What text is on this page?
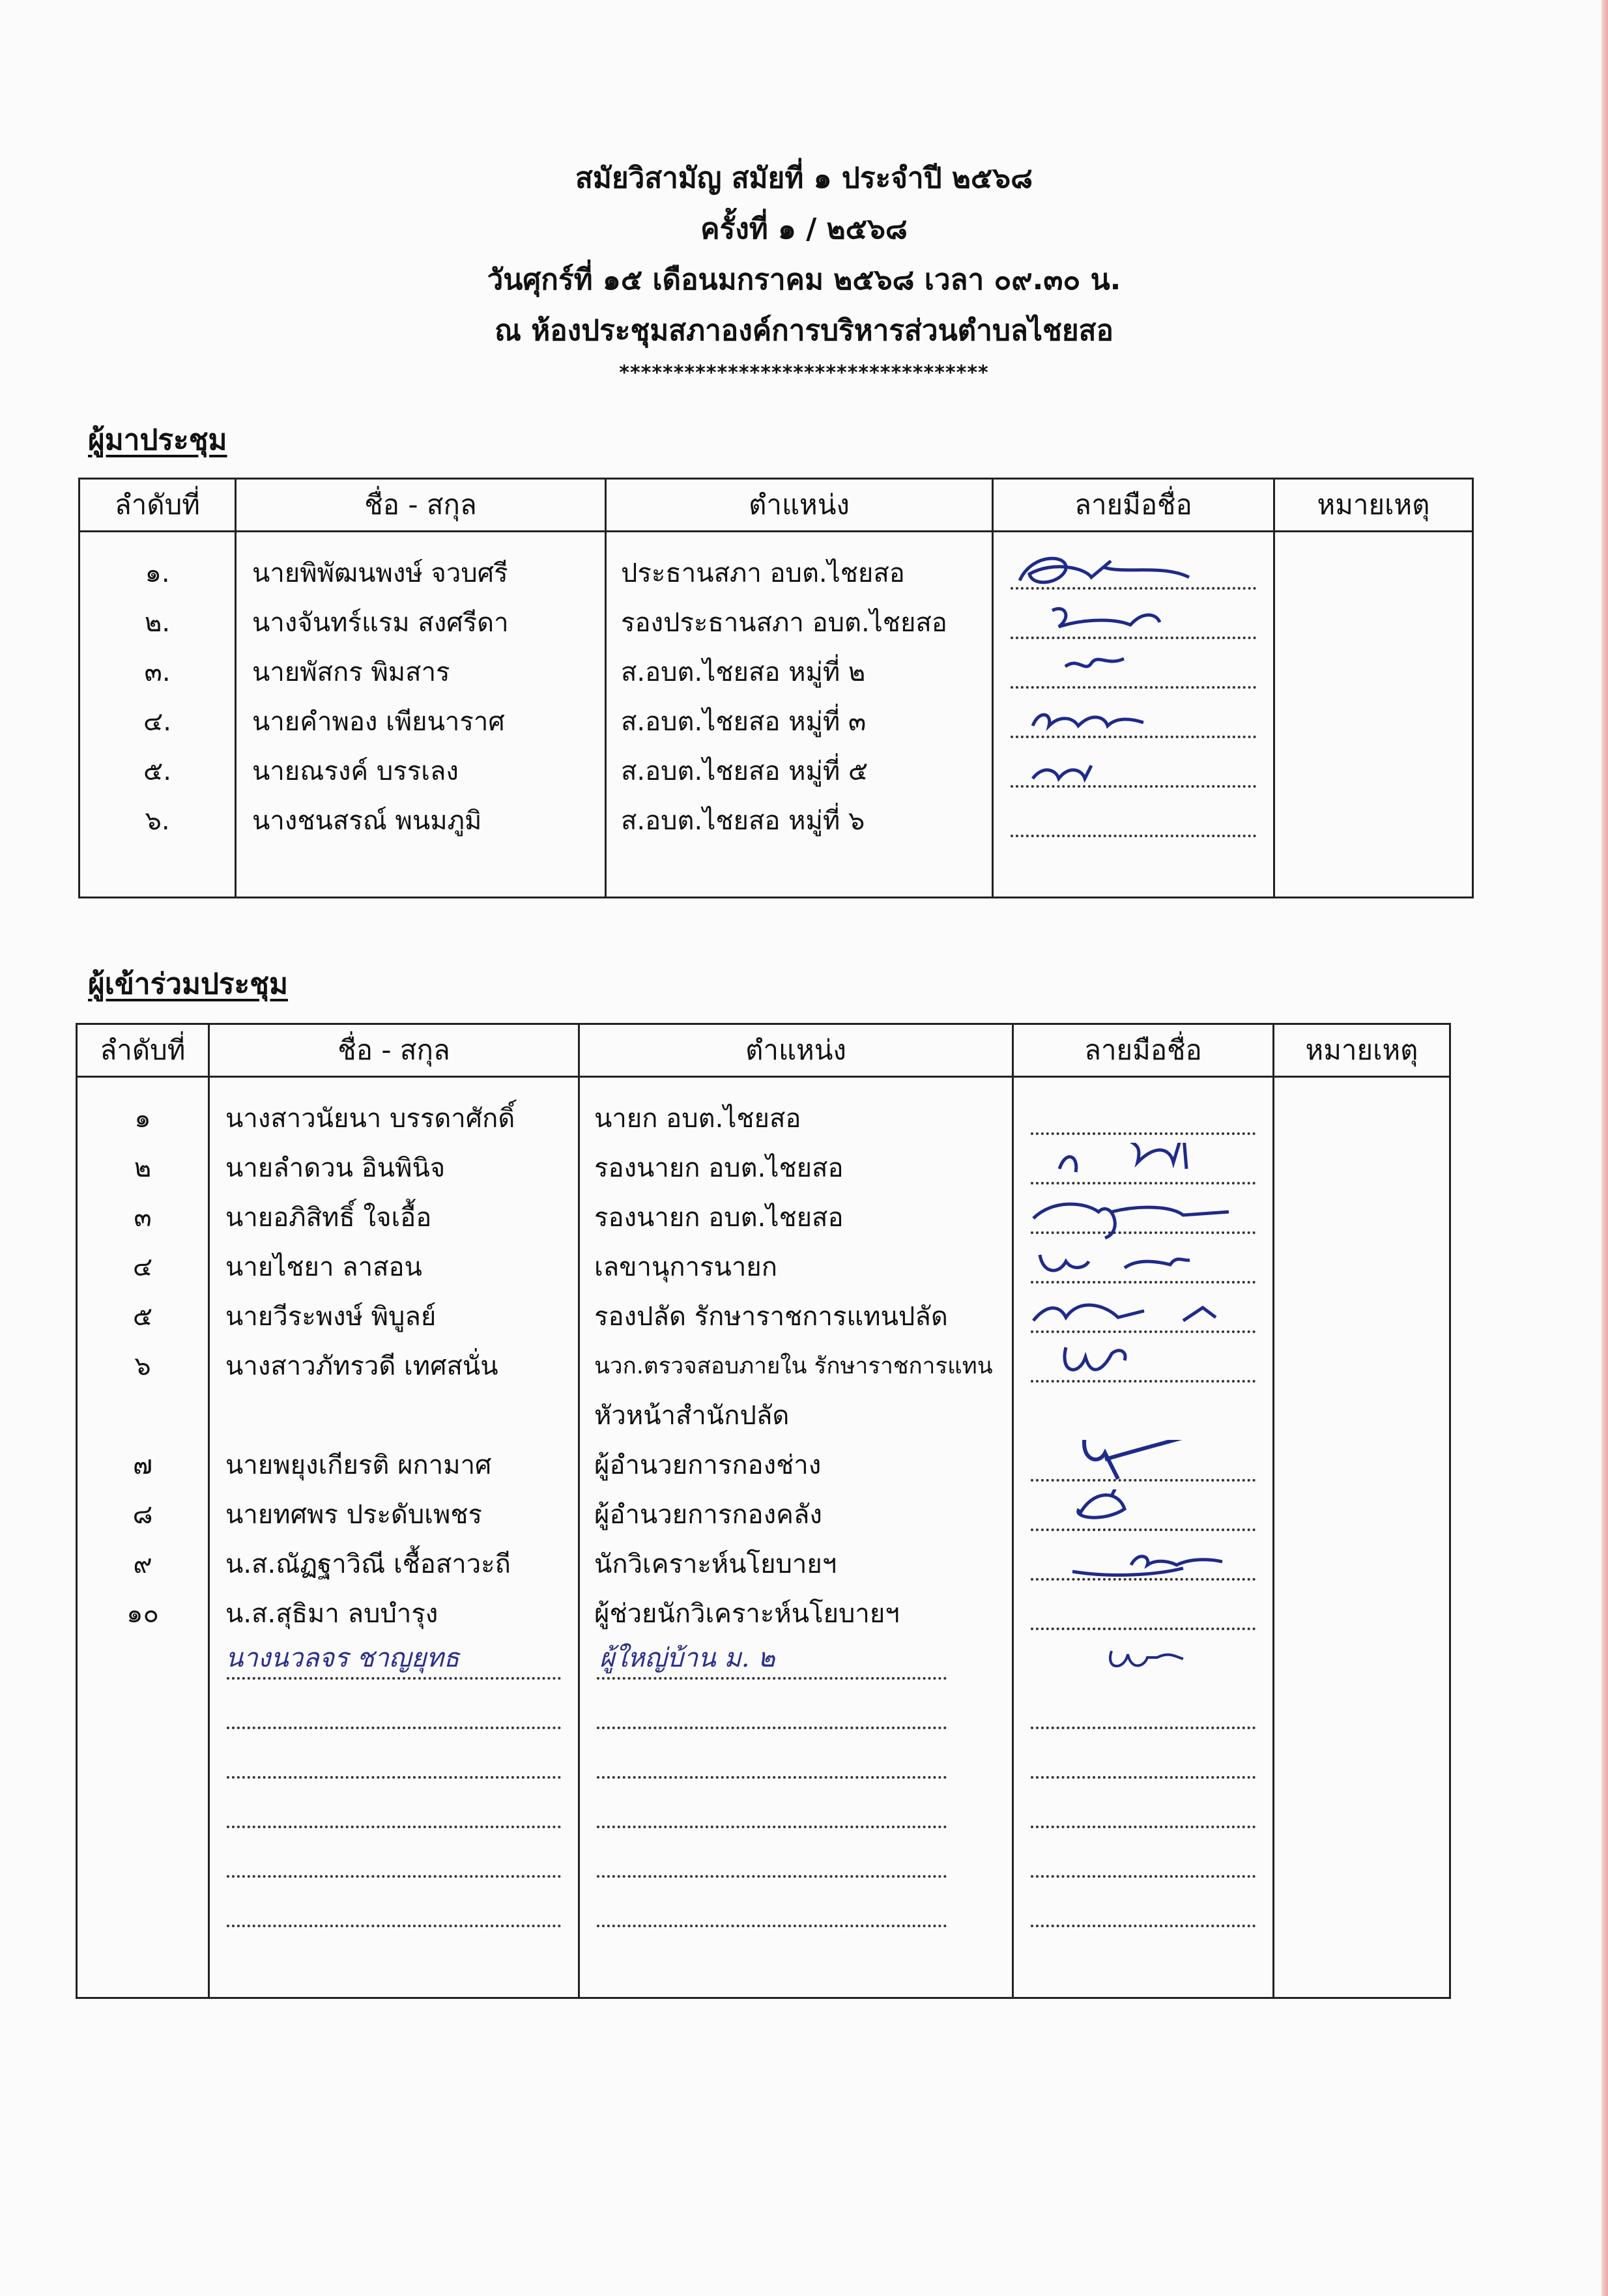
สมัยวิสามัญ สมัยที่ ๑ ประจำปี ๒๕๖๘
ครั้งที่ ๑ / ๒๕๖๘
วันศุกร์ที่ ๑๕ เดือนมกราคม ๒๕๖๘ เวลา ๐๙.๓๐ น.
ณ ห้องประชุมสภาองค์การบริหารส่วนตำบลไชยสอ
**********************************
ผู้มาประชุม
ลำดับที่	ชื่อ - สกุล	ตำแหน่ง	ลายมือชื่อ	หมายเหตุ

๑.	นายพิพัฒนพงษ์ จวบศรี	ประธานสภา อบต.ไชยสอ	

๒.	นางจันทร์แรม สงศรีดา	รองประธานสภา อบต.ไชยสอ	

๓.	นายพัสกร พิมสาร	ส.อบต.ไชยสอ หมู่ที่ ๒	

๔.	นายคำพอง เพียนาราศ	ส.อบต.ไชยสอ หมู่ที่ ๓	

๕.	นายณรงค์ บรรเลง	ส.อบต.ไชยสอ หมู่ที่ ๕	

๖.	นางชนสรณ์ พนมภูมิ	ส.อบต.ไชยสอ หมู่ที่ ๖	

ผู้เข้าร่วมประชุม
ลำดับที่	ชื่อ - สกุล	ตำแหน่ง	ลายมือชื่อ	หมายเหตุ

๑	นางสาวนัยนา บรรดาศักดิ์	นายก อบต.ไชยสอ	

๒	นายลำดวน อินพินิจ	รองนายก อบต.ไชยสอ	

๓	นายอภิสิทธิ์ ใจเอื้อ	รองนายก อบต.ไชยสอ	

๔	นายไชยา ลาสอน	เลขานุการนายก	

๕	นายวีระพงษ์ พิบูลย์	รองปลัด รักษาราชการแทนปลัด	

๖	นางสาวภัทรวดี เทศสนั่น	นวก.ตรวจสอบภายใน รักษาราชการแทน	

		หัวหน้าสำนักปลัด		
๗	นายพยุงเกียรติ ผกามาศ	ผู้อำนวยการกองช่าง	

๘	นายทศพร ประดับเพชร	ผู้อำนวยการกองคลัง	

๙	น.ส.ณัฏฐาวิณี เชื้อสาวะถี	นักวิเคราะห์นโยบายฯ	

๑๐	น.ส.สุธิมา ลบบำรุง	ผู้ช่วยนักวิเคราะห์นโยบายฯ	

	นางนวลจร ชาญยุทธ	ผู้ใหญ่บ้าน ม. ๒
